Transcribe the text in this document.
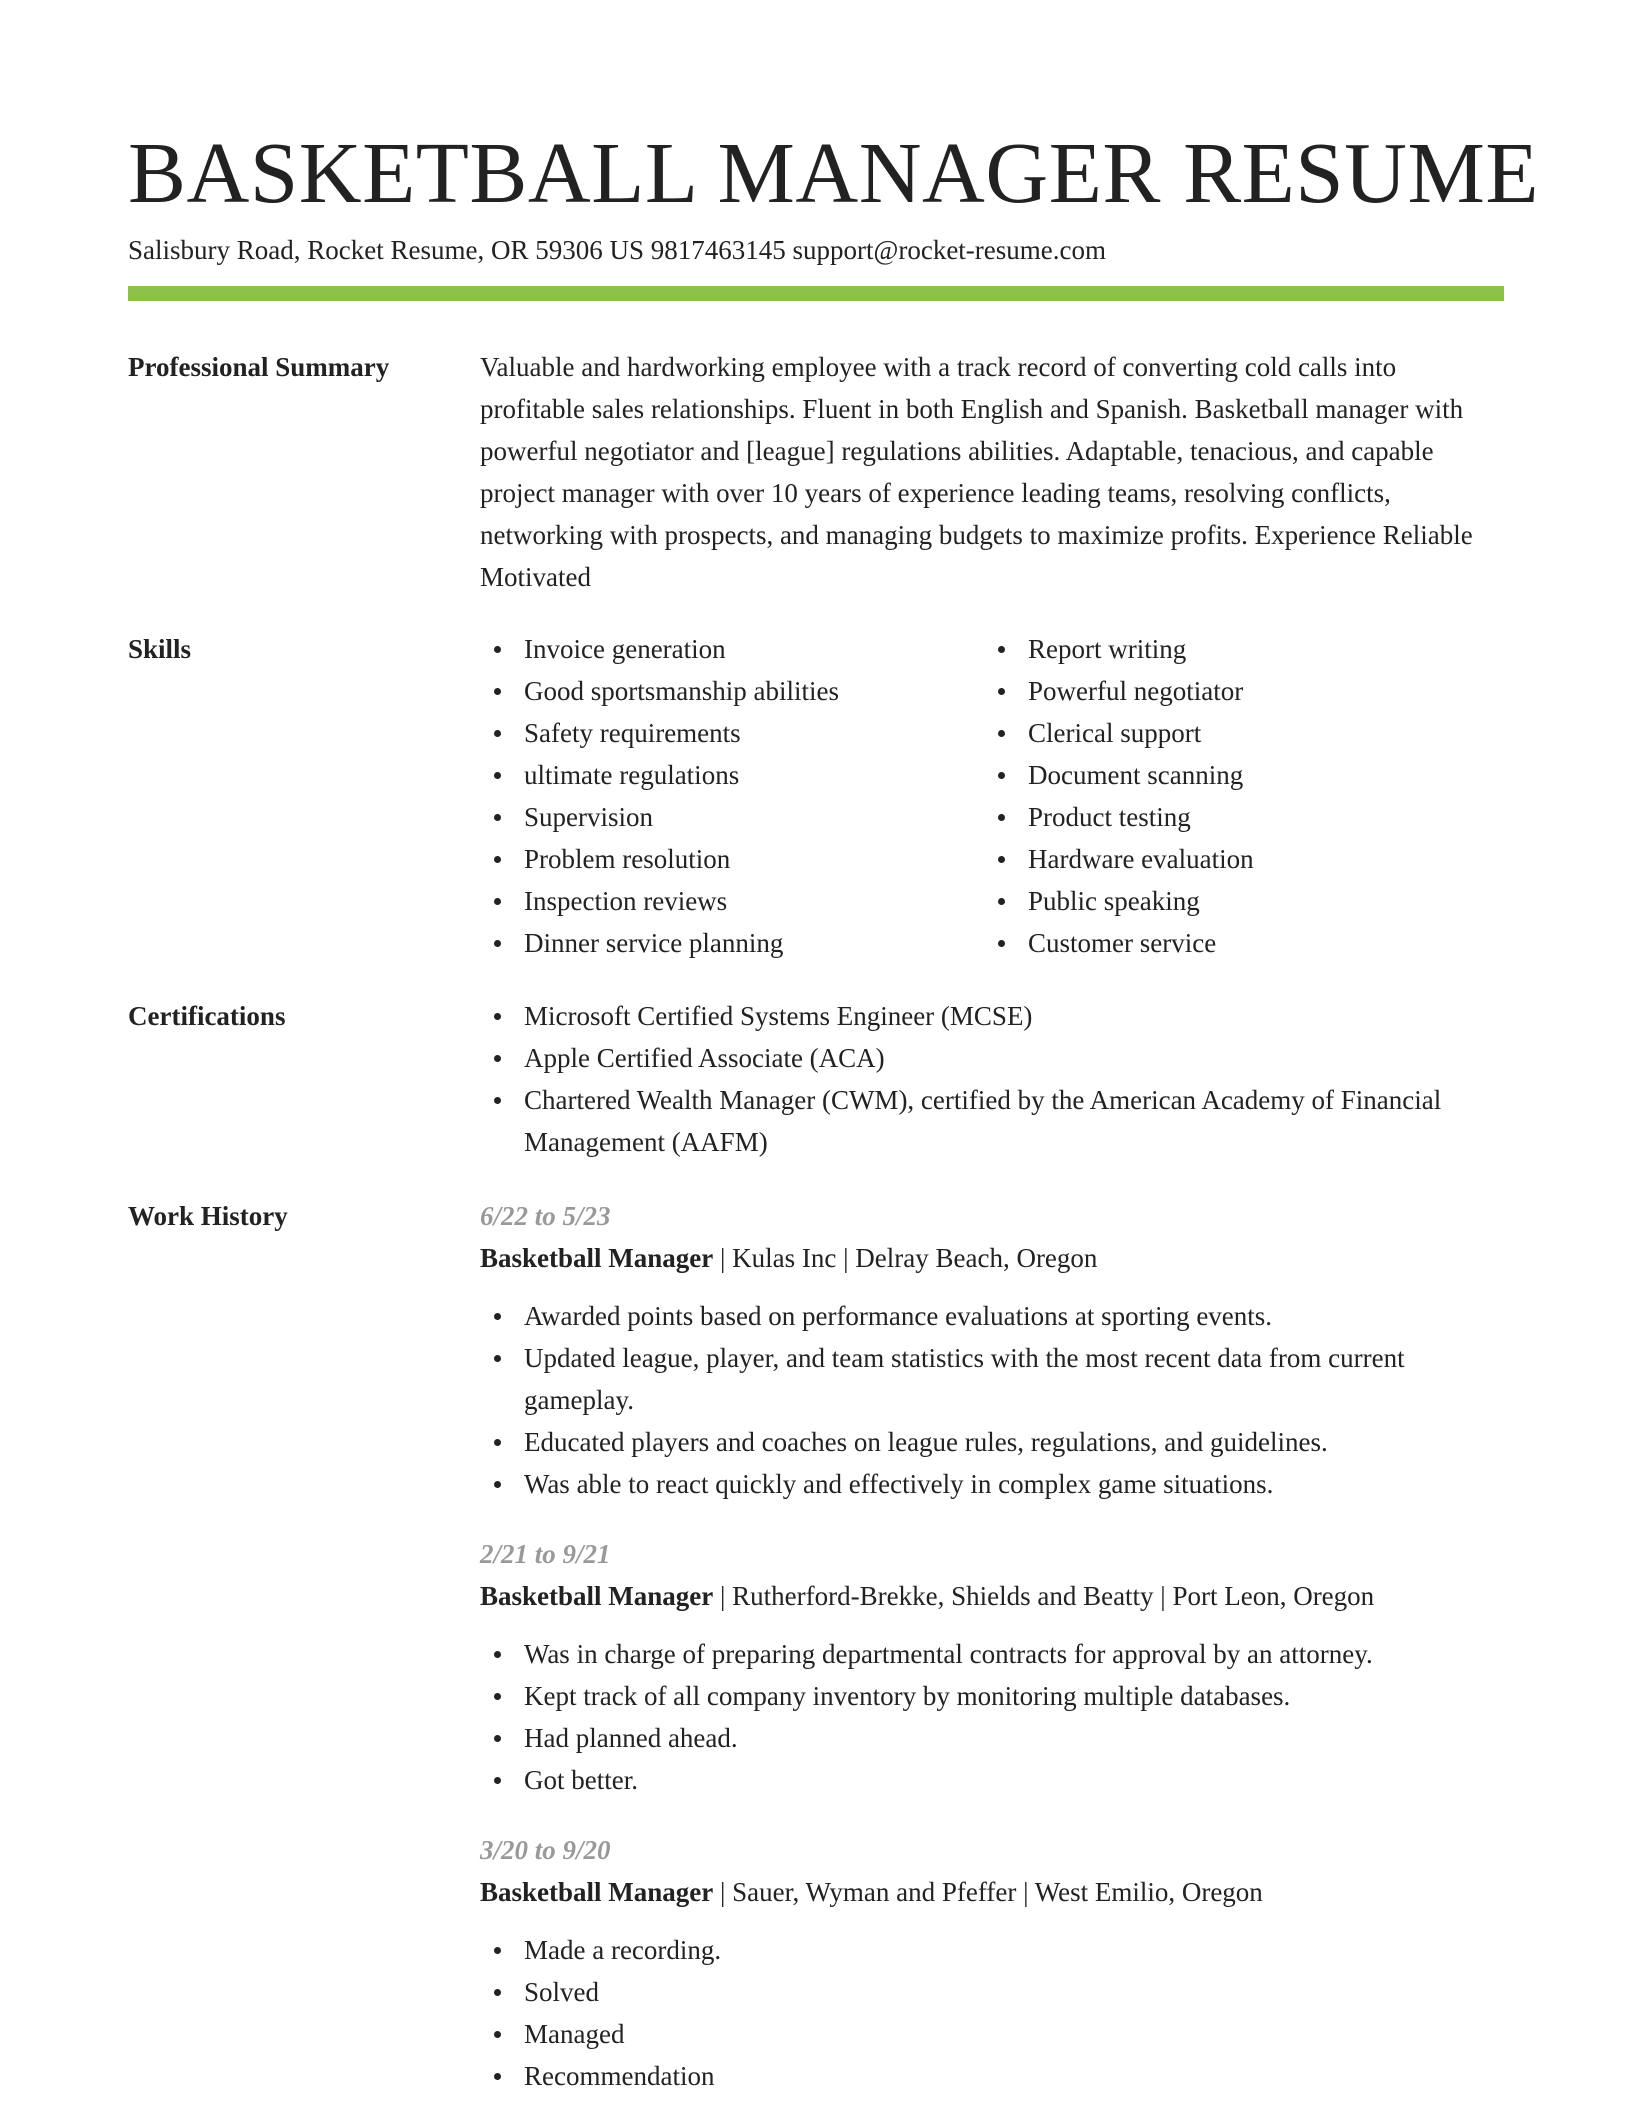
BASKETBALL MANAGER RESUME
Salisbury Road, Rocket Resume, OR 59306 US 9817463145 support@rocket-resume.com
Professional Summary	Valuable and hardworking employee with a track record of converting cold calls into profitable sales relationships. Fluent in both English and Spanish. Basketball manager with powerful negotiator and [league] regulations abilities. Adaptable, tenacious, and capable project manager with over 10 years of experience leading teams, resolving conflicts, networking with prospects, and managing budgets to maximize profits. Experience Reliable Motivated

Skills	Invoice generation
Good sportsmanship abilities
Safety requirements
ultimate regulations
Supervision
Problem resolution
Inspection reviews
Dinner service planning
Report writing
Powerful negotiator
Clerical support
Document scanning
Product testing
Hardware evaluation
Public speaking
Customer service
Certifications	Microsoft Certified Systems Engineer (MCSE)
Apple Certified Associate (ACA)
Chartered Wealth Manager (CWM), certified by the American Academy of Financial Management (AAFM)
Work History	6/22 to 5/23
Basketball Manager | Kulas Inc | Delray Beach, Oregon
Awarded points based on performance evaluations at sporting events.
Updated league, player, and team statistics with the most recent data from current gameplay.
Educated players and coaches on league rules, regulations, and guidelines.
Was able to react quickly and effectively in complex game situations.
2/21 to 9/21
Basketball Manager | Rutherford-Brekke, Shields and Beatty | Port Leon, Oregon
Was in charge of preparing departmental contracts for approval by an attorney.
Kept track of all company inventory by monitoring multiple databases.
Had planned ahead.
Got better.
3/20 to 9/20
Basketball Manager | Sauer, Wyman and Pfeffer | West Emilio, Oregon
Made a recording.
Solved
Managed
Recommendation
